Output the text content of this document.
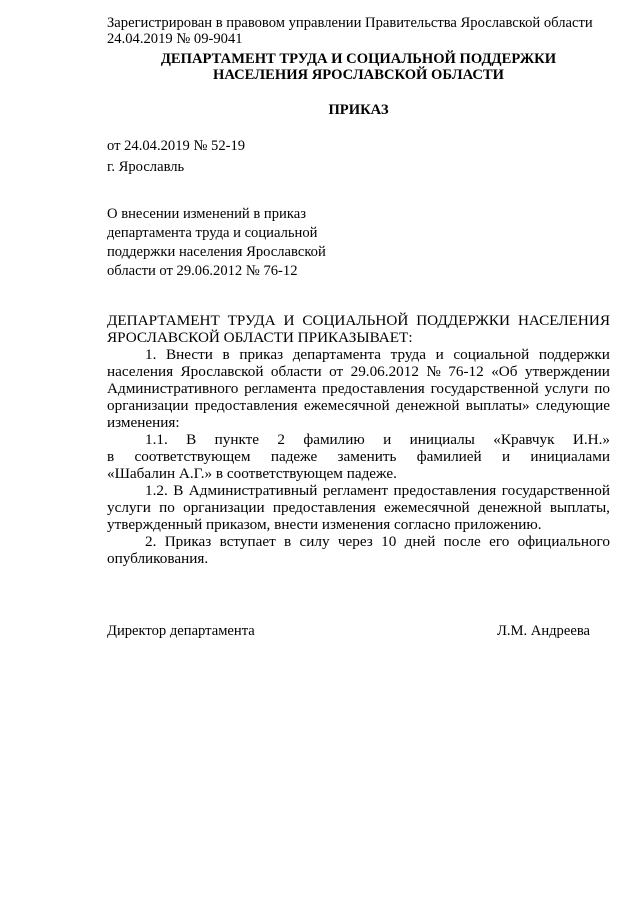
Зарегистрирован в правовом управлении Правительства Ярославской области
24.04.2019 № 09-9041
ДЕПАРТАМЕНТ ТРУДА И СОЦИАЛЬНОЙ ПОДДЕРЖКИ
НАСЕЛЕНИЯ ЯРОСЛАВСКОЙ ОБЛАСТИ
ПРИКАЗ
от 24.04.2019 № 52-19
г. Ярославль
О внесении изменений в приказ
департамента труда и социальной
поддержки населения Ярославской
области от 29.06.2012 № 76-12
ДЕПАРТАМЕНТ ТРУДА И СОЦИАЛЬНОЙ ПОДДЕРЖКИ НАСЕЛЕНИЯ
ЯРОСЛАВСКОЙ ОБЛАСТИ ПРИКАЗЫВАЕТ:
1. Внести в приказ департамента труда и социальной поддержки
населения Ярославской области от 29.06.2012 № 76-12 «Об утверждении
Административного регламента предоставления государственной услуги по
организации предоставления ежемесячной денежной выплаты» следующие
изменения:
1.1. В пункте 2 фамилию и инициалы «Кравчук И.Н.»
в соответствующем падеже заменить фамилией и инициалами
«Шабалин А.Г.» в соответствующем падеже.
1.2. В Административный регламент предоставления государственной
услуги по организации предоставления ежемесячной денежной выплаты,
утвержденный приказом, внести изменения согласно приложению.
2. Приказ вступает в силу через 10 дней после его официального
опубликования.
Директор департамента	Л.М. Андреева
